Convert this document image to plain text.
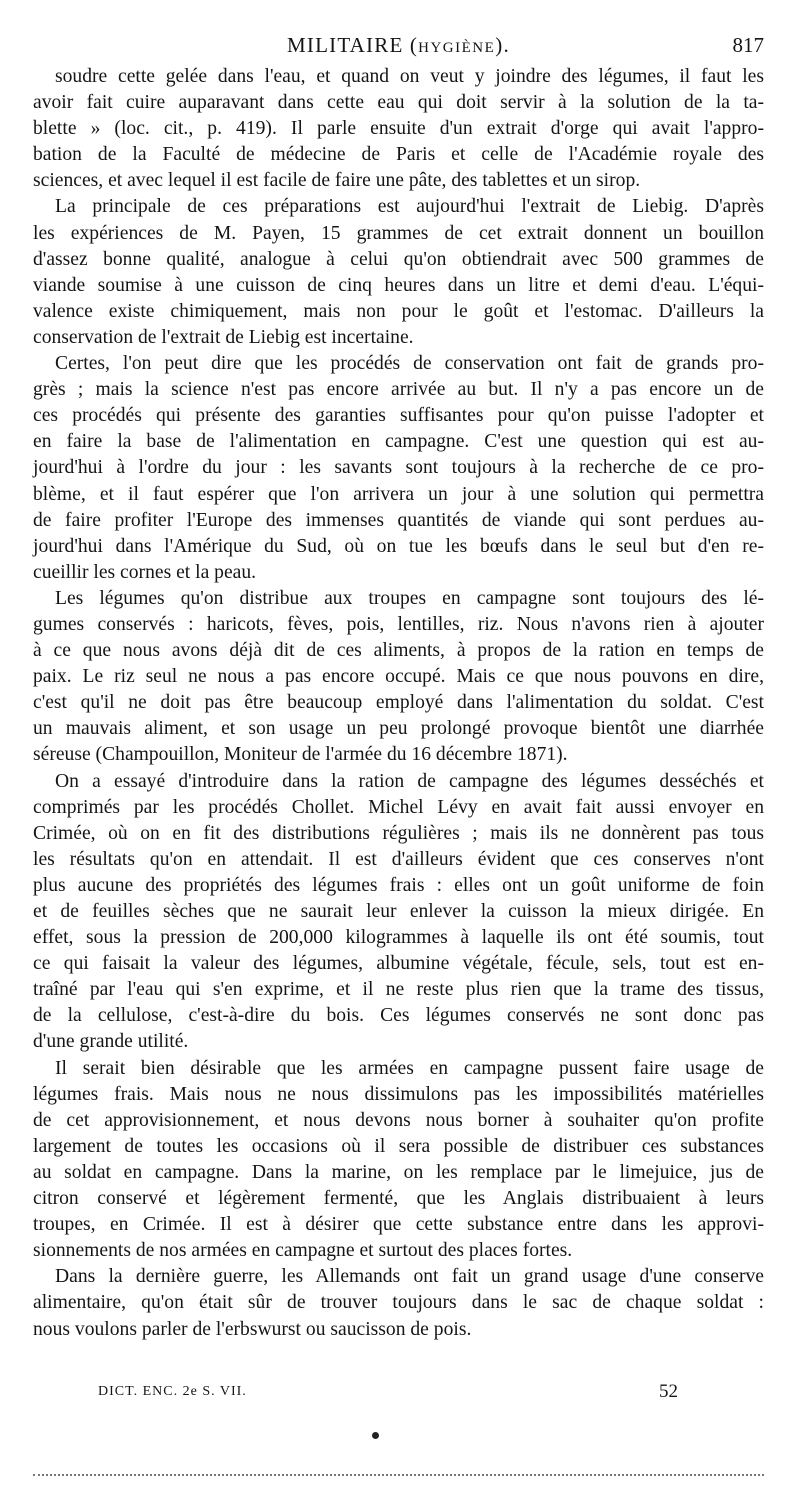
MILITAIRE (HYGIÈNE).	817
soudre cette gelée dans l'eau, et quand on veut y joindre des légumes, il faut les
avoir fait cuire auparavant dans cette eau qui doit servir à la solution de la ta-
blette » (loc. cit., p. 419). Il parle ensuite d'un extrait d'orge qui avait l'appro-
bation de la Faculté de médecine de Paris et celle de l'Académie royale des
sciences, et avec lequel il est facile de faire une pâte, des tablettes et un sirop.
La principale de ces préparations est aujourd'hui l'extrait de Liebig. D'après
les expériences de M. Payen, 15 grammes de cet extrait donnent un bouillon
d'assez bonne qualité, analogue à celui qu'on obtiendrait avec 500 grammes de
viande soumise à une cuisson de cinq heures dans un litre et demi d'eau. L'équi-
valence existe chimiquement, mais non pour le goût et l'estomac. D'ailleurs la
conservation de l'extrait de Liebig est incertaine.
Certes, l'on peut dire que les procédés de conservation ont fait de grands pro-
grès ; mais la science n'est pas encore arrivée au but. Il n'y a pas encore un de
ces procédés qui présente des garanties suffisantes pour qu'on puisse l'adopter et
en faire la base de l'alimentation en campagne. C'est une question qui est au-
jourd'hui à l'ordre du jour : les savants sont toujours à la recherche de ce pro-
blème, et il faut espérer que l'on arrivera un jour à une solution qui permettra
de faire profiter l'Europe des immenses quantités de viande qui sont perdues au-
jourd'hui dans l'Amérique du Sud, où on tue les bœufs dans le seul but d'en re-
cueillir les cornes et la peau.
Les légumes qu'on distribue aux troupes en campagne sont toujours des lé-
gumes conservés : haricots, fèves, pois, lentilles, riz. Nous n'avons rien à ajouter
à ce que nous avons déjà dit de ces aliments, à propos de la ration en temps de
paix. Le riz seul ne nous a pas encore occupé. Mais ce que nous pouvons en dire,
c'est qu'il ne doit pas être beaucoup employé dans l'alimentation du soldat. C'est
un mauvais aliment, et son usage un peu prolongé provoque bientôt une diarrhée
séreuse (Champouillon, Moniteur de l'armée du 16 décembre 1871).
On a essayé d'introduire dans la ration de campagne des légumes desséchés et
comprimés par les procédés Chollet. Michel Lévy en avait fait aussi envoyer en
Crimée, où on en fit des distributions régulières ; mais ils ne donnèrent pas tous
les résultats qu'on en attendait. Il est d'ailleurs évident que ces conserves n'ont
plus aucune des propriétés des légumes frais : elles ont un goût uniforme de foin
et de feuilles sèches que ne saurait leur enlever la cuisson la mieux dirigée. En
effet, sous la pression de 200,000 kilogrammes à laquelle ils ont été soumis, tout
ce qui faisait la valeur des légumes, albumine végétale, fécule, sels, tout est en-
traîné par l'eau qui s'en exprime, et il ne reste plus rien que la trame des tissus,
de la cellulose, c'est-à-dire du bois. Ces légumes conservés ne sont donc pas
d'une grande utilité.
Il serait bien désirable que les armées en campagne pussent faire usage de
légumes frais. Mais nous ne nous dissimulons pas les impossibilités matérielles
de cet approvisionnement, et nous devons nous borner à souhaiter qu'on profite
largement de toutes les occasions où il sera possible de distribuer ces substances
au soldat en campagne. Dans la marine, on les remplace par le limejuice, jus de
citron conservé et légèrement fermenté, que les Anglais distribuaient à leurs
troupes, en Crimée. Il est à désirer que cette substance entre dans les approvi-
sionnements de nos armées en campagne et surtout des places fortes.
Dans la dernière guerre, les Allemands ont fait un grand usage d'une conserve
alimentaire, qu'on était sûr de trouver toujours dans le sac de chaque soldat :
nous voulons parler de l'erbswurst ou saucisson de pois.
DICT. ENC. 2e S. VII.	52
